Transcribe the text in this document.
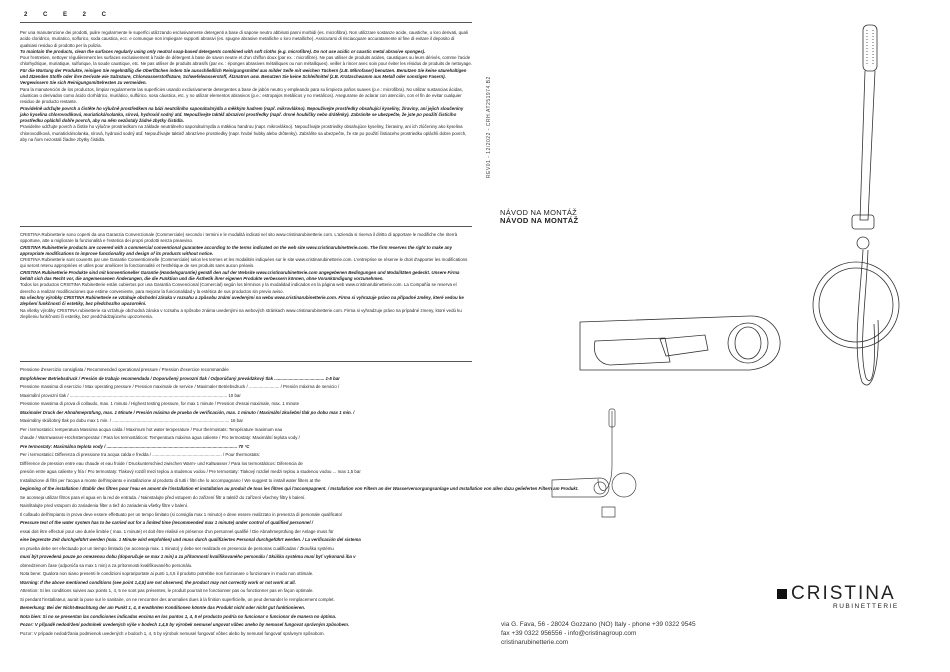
2 C E 2 C

Per una manutenzione dei prodotti, pulire regolarmente le superfici utilizzando esclusivamente detergenti a base di sapone neutro abbinati panni morbidi (es. microfibra). Non utilizzare sostanze acide, caustiche, o loro derivati, quali acido cloridrico, muriatico, solforico, soda caustica, ecc. e comunque non impiegare supporti abrasivi (es. spugne abrasive metalliche o loro metalliche). Assicurarsi di risciacquare accuratamente al fine di evitare il deposito di qualsiasi residuo di prodotto per la pulizia.

To maintain the products, clean the surfaces regularly using only neutral soap-based detergents combined with soft cloths (e.g. microfibre). Do not use acidic or caustic metal abrasive sponges).

Pour l'entretien, nettoyer régulièrement les surfaces exclusivement à l'aide de détergent à base de savon neutre et d'un chiffon doux (par ex. : microfibre). Ne pas utiliser de produits acides, caustiques ou leurs dérivés, comme l'acide chlorhydrique, muriatique, sulfurique, la soude caustique, etc. Ne pas utiliser de produits abrasifs (par ex. : éponges abrasives métalliques ou non métalliques). veiller à rincer avec soin pour éviter les résidus de produits de nettoyage.

Für die Wartung der Produkte, reinigen Sie regelmäßig die Oberflächen indem Sie ausschließlich Reinigungsmittel aus milder Seife mit weichen Tüchern (z.B. Mikrofaser) benutzen. Benutzen Sie keine säurehaltigen und ätzenden Stoffe oder ihre Derivate wie Salzsäure, Chlorwasserstoffsäure, Schwefelwasserstoff, Ätznatron usw. Benutzen Sie keine Schleifmittel (z.B. Kratzschwamm aus Metall oder sonstigen Fasern). Vergewissern Sie sich Reinigungsmittelresten zu vermeiden.

Para la manutención de los productos, limpiar regularmente las superficies usando exclusivamente detergentes a base de jabón neutro y empleando para su limpieza paños suaves (p.e.: microfibra). No utilizar sustancias ácidas, cáusticas o derivados como ácido clorhídrico, muriático, sulfúrico, sosa cáustica, etc. y no utilizar elementos abrasivos (p.e.: estropajos metálicos y no metálicos). Asegurarse de aclarar con atención, con el fin de evitar cualquier residuo de producto restante.

Pravidelně udržujte povrch a čistěte ho výlučně prostředkem na bázi neutrálního saponátu/mýdla a měkkým hadrem (např. mikrovlákno). Nepoužívejte prostředky obsahující kyseliny, žíraviny, ani jejich sloučeniny jako kyselina chlorovodíková, muriatická/solanka, sírová, hydroxid sodný atd. Nepoužívejte taktéž abrazivní prostředky (např. drsné houbičky nebo drátěnky). Zabráníte se ubezpečte, že jste po použití čisticího prostředku opláchli dobře povrch, aby na něm nezůstaly žádné zbytky čistidla.

Pravidelne udržujte povrch a čistite ho výlučne prostriedkom na základe neutrálneho saponátu/mydla a mäkkou handrou (napr. mikrovlákno). Nepoužívajte prostriedky obsahujúce kyseliny, žieraviny, ani ich zlúčeniny ako kyselina chlorovodíková, muriatická/solanka, sírová, hydroxid sodný atď. Nepoužívajte taktiež abrazívne prostriedky (napr. hrubé hubky alebo drôtenky). Zabráňte sa ubezpečte, že ste po použití čistiaceho prostriedku opláchli dobre povrch, aby na ňom nezostali žiadne zbytky čistidla.

CRISTINA Rubinetterie sono coperti da una Garanzia Convenzionale (Commerciale) secondo i termini e le modalità indicati nel sito www.cristinarubinetterie.com. L'azienda si riserva il diritto di apportare le modifiche che riterrà opportune, atte a migliorare la funzionalità e l'estetica dei propri prodotti senza preavviso.

CRISTINA Rubinetterie products are covered with a commercial conventional guarantee according to the terms indicated on the web site www.cristinarubinetterie.com. The firm reserves the right to make any appropriate modifications to improve functionality and design of its products without notice.

CRISTINA Rubinetterie sont couverts par une Garantie Conventionnelle (Commerciale) selon les termes et les modalités indiquées sur le site www.cristinarubinetterie.com. L'entreprise se réserve le droit d'apporter les modifications qui seront retenu appropriées et utiles pour améliorer la fonctionnalité et l'esthétique de ses produits sans aucun préavis.

CRISTINA Rubinetterie Produkte sind mit konventioneller Garantie (Handelsgarantie) gemäß den auf der Website www.cristinarubinetterie.com angegebenen Bedingungen und Modalitäten gedeckt. Unsere Firma behält sich das Recht vor, die angemessenen Änderungen, die die Funktion und die Ästhetik ihrer eigenen Produkte verbessern können, ohne Vorankündigung vorzunehmen.

Todos los productos CRISTINA Rubinetterie están cubiertos por una Garantía Convencional (Comercial) según los términos y la modalidad indicados en la página web www.cristinarubinetterie.com. La Compañía se reserva el derecho a realizar modificaciones que estime conveniente, para mejorar la funcionalidad y la estética de sus productos sin previo aviso.

Na všechny výrobky CRISTINA Rubinetterie se vztahuje obchodní záruka v rozsahu a způsobu známí uvedenými na webu www.cristinarubinetterie.com. Firma si vyhrazuje právo na případné změny, které vedou ke zlepšení funkčnosti či estetiky, bez předchozího upozornění.

Na všetky výrobky CRISTINA rubinetterie sa vzťahuje obchodná záruka v rozsahu a spôsobe známa uvedenými na webových stránkach www.cristinarubinetterie.com. Firma si vyhradzuje právo na prípadné zmeny, ktoré vedú ku zlepšeniu funkčnosti či estetiky, bez predchádzajúceho upozornenia.

Pressione d'esercizio consigliata / Recommended operational pressure / Pression d'exercice recommandée

Empfohlener Betriebsdruck / Presión de trabajo recomendada / Doporučený provozní tlak / Odporúčaný prevádzkový tlak ......................................... 1-5 bar

Pressione massima di esercizio / Max operating pressure / Pression maximale de service / Maximaler Betriebsdruck / ......................... / Presión máxima de servicio /

Maximální provozní tlak / ................................................................................................................................. 10 bar

Pressione massima di prova di collaudo, max. 1 minuto / Highest testing pressure, for max 1 minute / Pression d'essai maximale, max. 1 minute

Maximaler Druck der Abnahmeprüfung, max. 1 Minute / Presión máxima de prueba de verificación, max. 1 minuto / Maximální zkušební tlak po dobu max 1 min. /

Maximálny skúšobný tlak po dobu max 1 min. / ................................................................................................ 16 bar

Per i termostatici: temperatura Massima acqua calda / Maximum hot water temperature / Pour thermostats: Température maximum eau

chaude / Warmwasser-Höchsttemperatur / Para los termostáticos: Temperatura máxima agua caliente / Pro termostaty: Maximální teplota vody /

Pre termostaty: Maximálna teplota vody / ........................................................................................................... 70 °C

Per i termostatici: Differenza di pressione tra acqua calda e fredda / ......................................................... / Pour thermostats:

Différence de pression entre eau chaude et eau froide / Druckunterschied zwischen Warm- und Kaltwasser / Para los termostáticos: Diferencia de

presión entre agua caliente y fría / Pro termostaty: Tlakový rozdíl mezi teplou a studenou vodou / Pre termostaty: Tlakový rozdiel medzi teplou a studenou vodou ... max 1,5 bar

Installazione di filtri per l'acqua a monte dell'impianto e installazione al prodotto di tutti i filtri che lo accompagnano / We suggest to install water filters at the

beginning of the installation / Établir des filtres pour l'eau en amont de l'installation et installation au produit de tous les filtres qui l'accompagnent. / Installation von Filtern an der Wasserversorgungsanlage und Installation von allen dazu gelieferten Filtern am Produkt.

Se aconseja utilizar filtros para el agua en la red de entrada. / Nainstalujte před vstupem do zařízení filtr a taktéž do zařízení všechny filtry k balení.

Nainštalujte pred vstupom do zariadenia filter a tiež do zariadenia všetky filtre v balení.

Il collaudo dell'impianto in prova deve essere effettuato per un tempo limitato (si consiglia max 1 minuto) e deve essere realizzato in presenza di personale qualificato/

Pressure test of the water system has to be carried out for a limited time (recommended max 1 minute) under control of qualified personnel /

essai doit être effectué pour une durée limitée ( max. 1 minute) et doit être réalisé en présence d'un personnel qualifié / Die Abnahmeprüfung der Anlage muss für

eine begrenzte Zeit durchgeführt werden (max. 1 Minute wird empfohlen) und muss durch qualifiziertes Personal durchgeführt werden. / La verificación del sistema

en prueba debe ser efectuado por un tiempo limitado (se aconseja max. 1 minuto) y debe ser realizado en presencia de personas cualificadas / Zkouška systému

musí být provedená pouze po omezenou dobu (doporučuje se max 1 min) a za přítomnosti kvalifikovaného personálu / Skúška systému musí byť vykonaná iba v

obmedzenom čase (odporúča sa max 1 min) a za prítomnosti kvalifikovaného personálu.

Nota bene: Qualora non siano presenti le condizioni soprariportate ai punti 1,4,5 il prodotto potrebbe non funzionare o funzionare in modo non ottimale.

Warning: If the above mentioned conditions (see point 1,4,5) are not observed, the product may not correctly work or not work at all.

Attention: Si les conditions suivies aux points 1, 4, 5 ne sont pas présentes, le produit pourrait ne fonctionner pas ou fonctionner pas en façon optimale.

Si pendant l'installateur, aurait la pose sur le sanitaire, on ne rencontrer des anomalies dues à la finition superficielle, on peut demander le remplacement complet.

Bemerkung: Bei der Nicht-Beachtung der am Punkt 1, 4, 5 erwähnten Konditionen könnte das Produkt nicht oder nicht gut funktionieren.

Nota bien: Si no se presentan las condiciones indicadas encima en los puntos 1, 4, 5 el producto podría no funcionar o funcionar de manera no óptima.

Pozor: V případě nedodržení podmínek uvedených výše v bodech 1,4,5 by výrobek nemusel ungovat vůbec anebo by nemusel fungovat správným způsobem.

Pozor: V prípade nedodržania podmienok uvedených v bodoch 1, 4, 5 by výrobok nemusel fungovať vôbec alebo by nemusel fungovať správnym spôsobom.

REV01 - 12/2022 - CRH.AT251974.B2
NÁVOD NA MONTÁŽ
NÁVOD NA MONTÁŽ
CRISTINA
RUBINETTERIE
via G. Fava, 56 - 28024 Gozzano (NO) Italy - phone +39 0322 9545
fax +39 0322 956556 - info@cristinagroup.com
cristinarubinetterie.com
